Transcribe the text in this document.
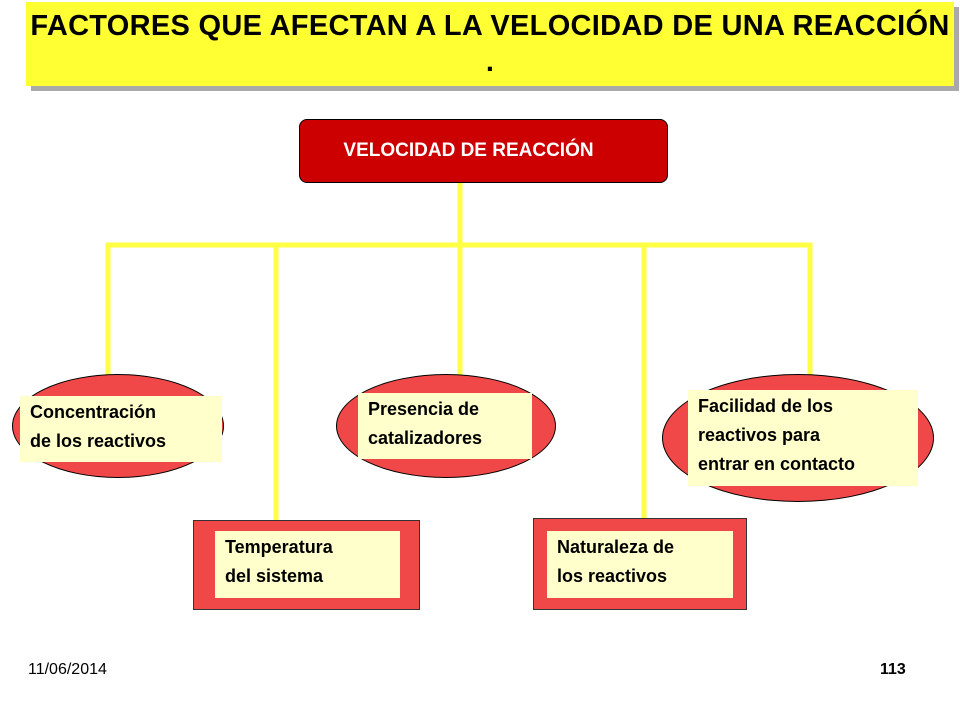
FACTORES QUE AFECTAN A LA VELOCIDAD DE UNA REACCIÓN .
VELOCIDAD DE REACCIÓN
Concentración
de los reactivos
Temperatura
del sistema
Presencia de
catalizadores
Naturaleza de
los reactivos
Facilidad de los
reactivos para
entrar en contacto
11/06/2014	113
